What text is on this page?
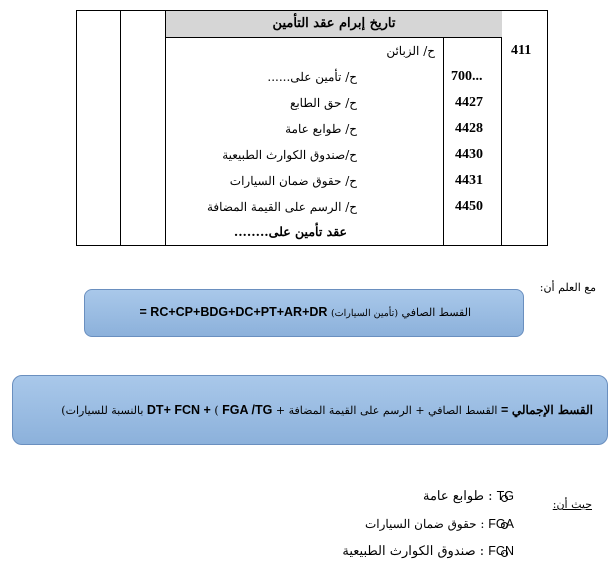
تاريخ إبرام عقد التأمين
411
ح/ الزبائن
700...
ح/ تأمين على......
4427
ح/ حق الطابع
4428
ح/ طوابع عامة
4430
ح/صندوق الكوارث الطبيعية
4431
ح/ حقوق ضمان السيارات
4450
ح/ الرسم على القيمة المضافة
عقد تأمين على........
مع العلم أن:
القسط الصافي (تأمين السيارات) = RC+CP+BDG+DC+PT+AR+DR
القسط الإجمالي = القسط الصافي + الرسم على القيمة المضافة + DT+ FCN + ( FGA /TG بالنسبة للسيارات)
حيث أن:
TG : طوابع عامة
FGA : حقوق ضمان السيارات
FCN : صندوق الكوارث الطبيعية
